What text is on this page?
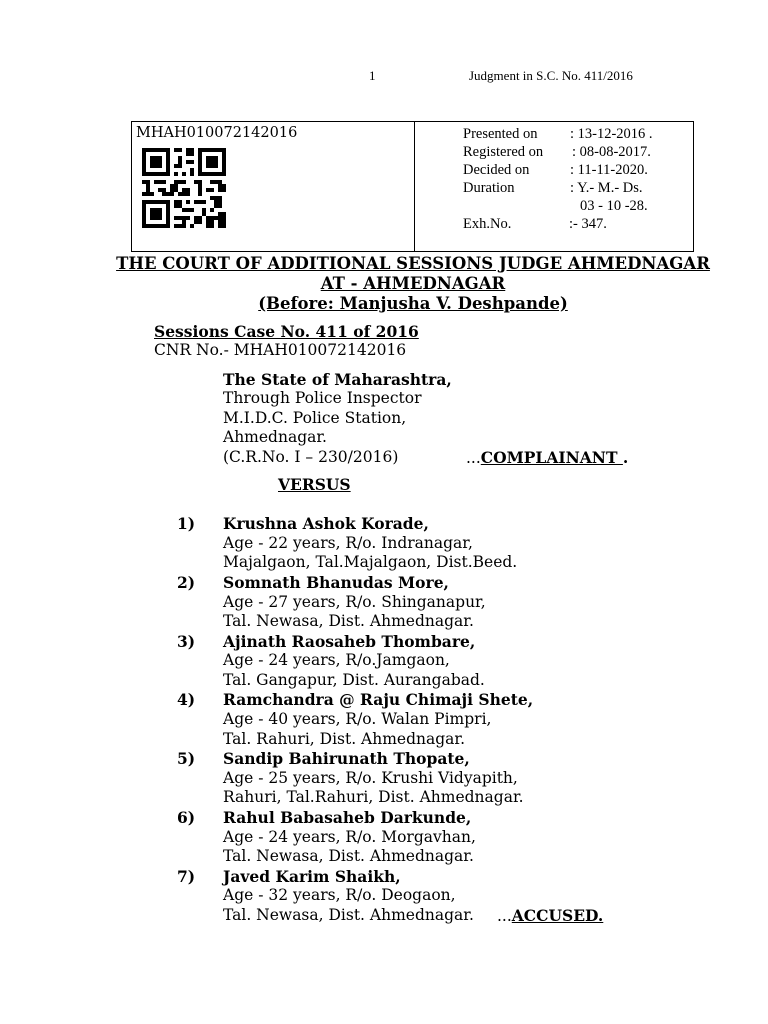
1	Judgment in S.C. No. 411/2016
MHAH010072142016	Presented on : 13-12-2016 .
Registered on : 08-08-2017.
Decided on	: 11-11-2020.
Duration	: Y.- M.- Ds.
03 - 10 -28.
Exh.No.	:- 347.
THE COURT OF ADDITIONAL SESSIONS JUDGE AHMEDNAGAR
AT - AHMEDNAGAR
(Before: Manjusha V. Deshpande)
Sessions Case No. 411 of 2016
CNR No.- MHAH010072142016
The State of Maharashtra,
Through Police Inspector
M.I.D.C. Police Station,
Ahmednagar.
(C.R.No. I – 230/2016)	...COMPLAINANT .
VERSUS
1) Krushna Ashok Korade,
Age - 22 years, R/o. Indranagar,
Majalgaon, Tal.Majalgaon, Dist.Beed.
2) Somnath Bhanudas More,
Age - 27 years, R/o. Shinganapur,
Tal. Newasa, Dist. Ahmednagar.
3) Ajinath Raosaheb Thombare,
Age - 24 years, R/o.Jamgaon,
Tal. Gangapur, Dist. Aurangabad.
4) Ramchandra @ Raju Chimaji Shete,
Age - 40 years, R/o. Walan Pimpri,
Tal. Rahuri, Dist. Ahmednagar.
5) Sandip Bahirunath Thopate,
Age - 25 years, R/o. Krushi Vidyapith,
Rahuri, Tal.Rahuri, Dist. Ahmednagar.
6) Rahul Babasaheb Darkunde,
Age - 24 years, R/o. Morgavhan,
Tal. Newasa, Dist. Ahmednagar.
7) Javed Karim Shaikh,
Age - 32 years, R/o. Deogaon,
Tal. Newasa, Dist. Ahmednagar. ...ACCUSED.
